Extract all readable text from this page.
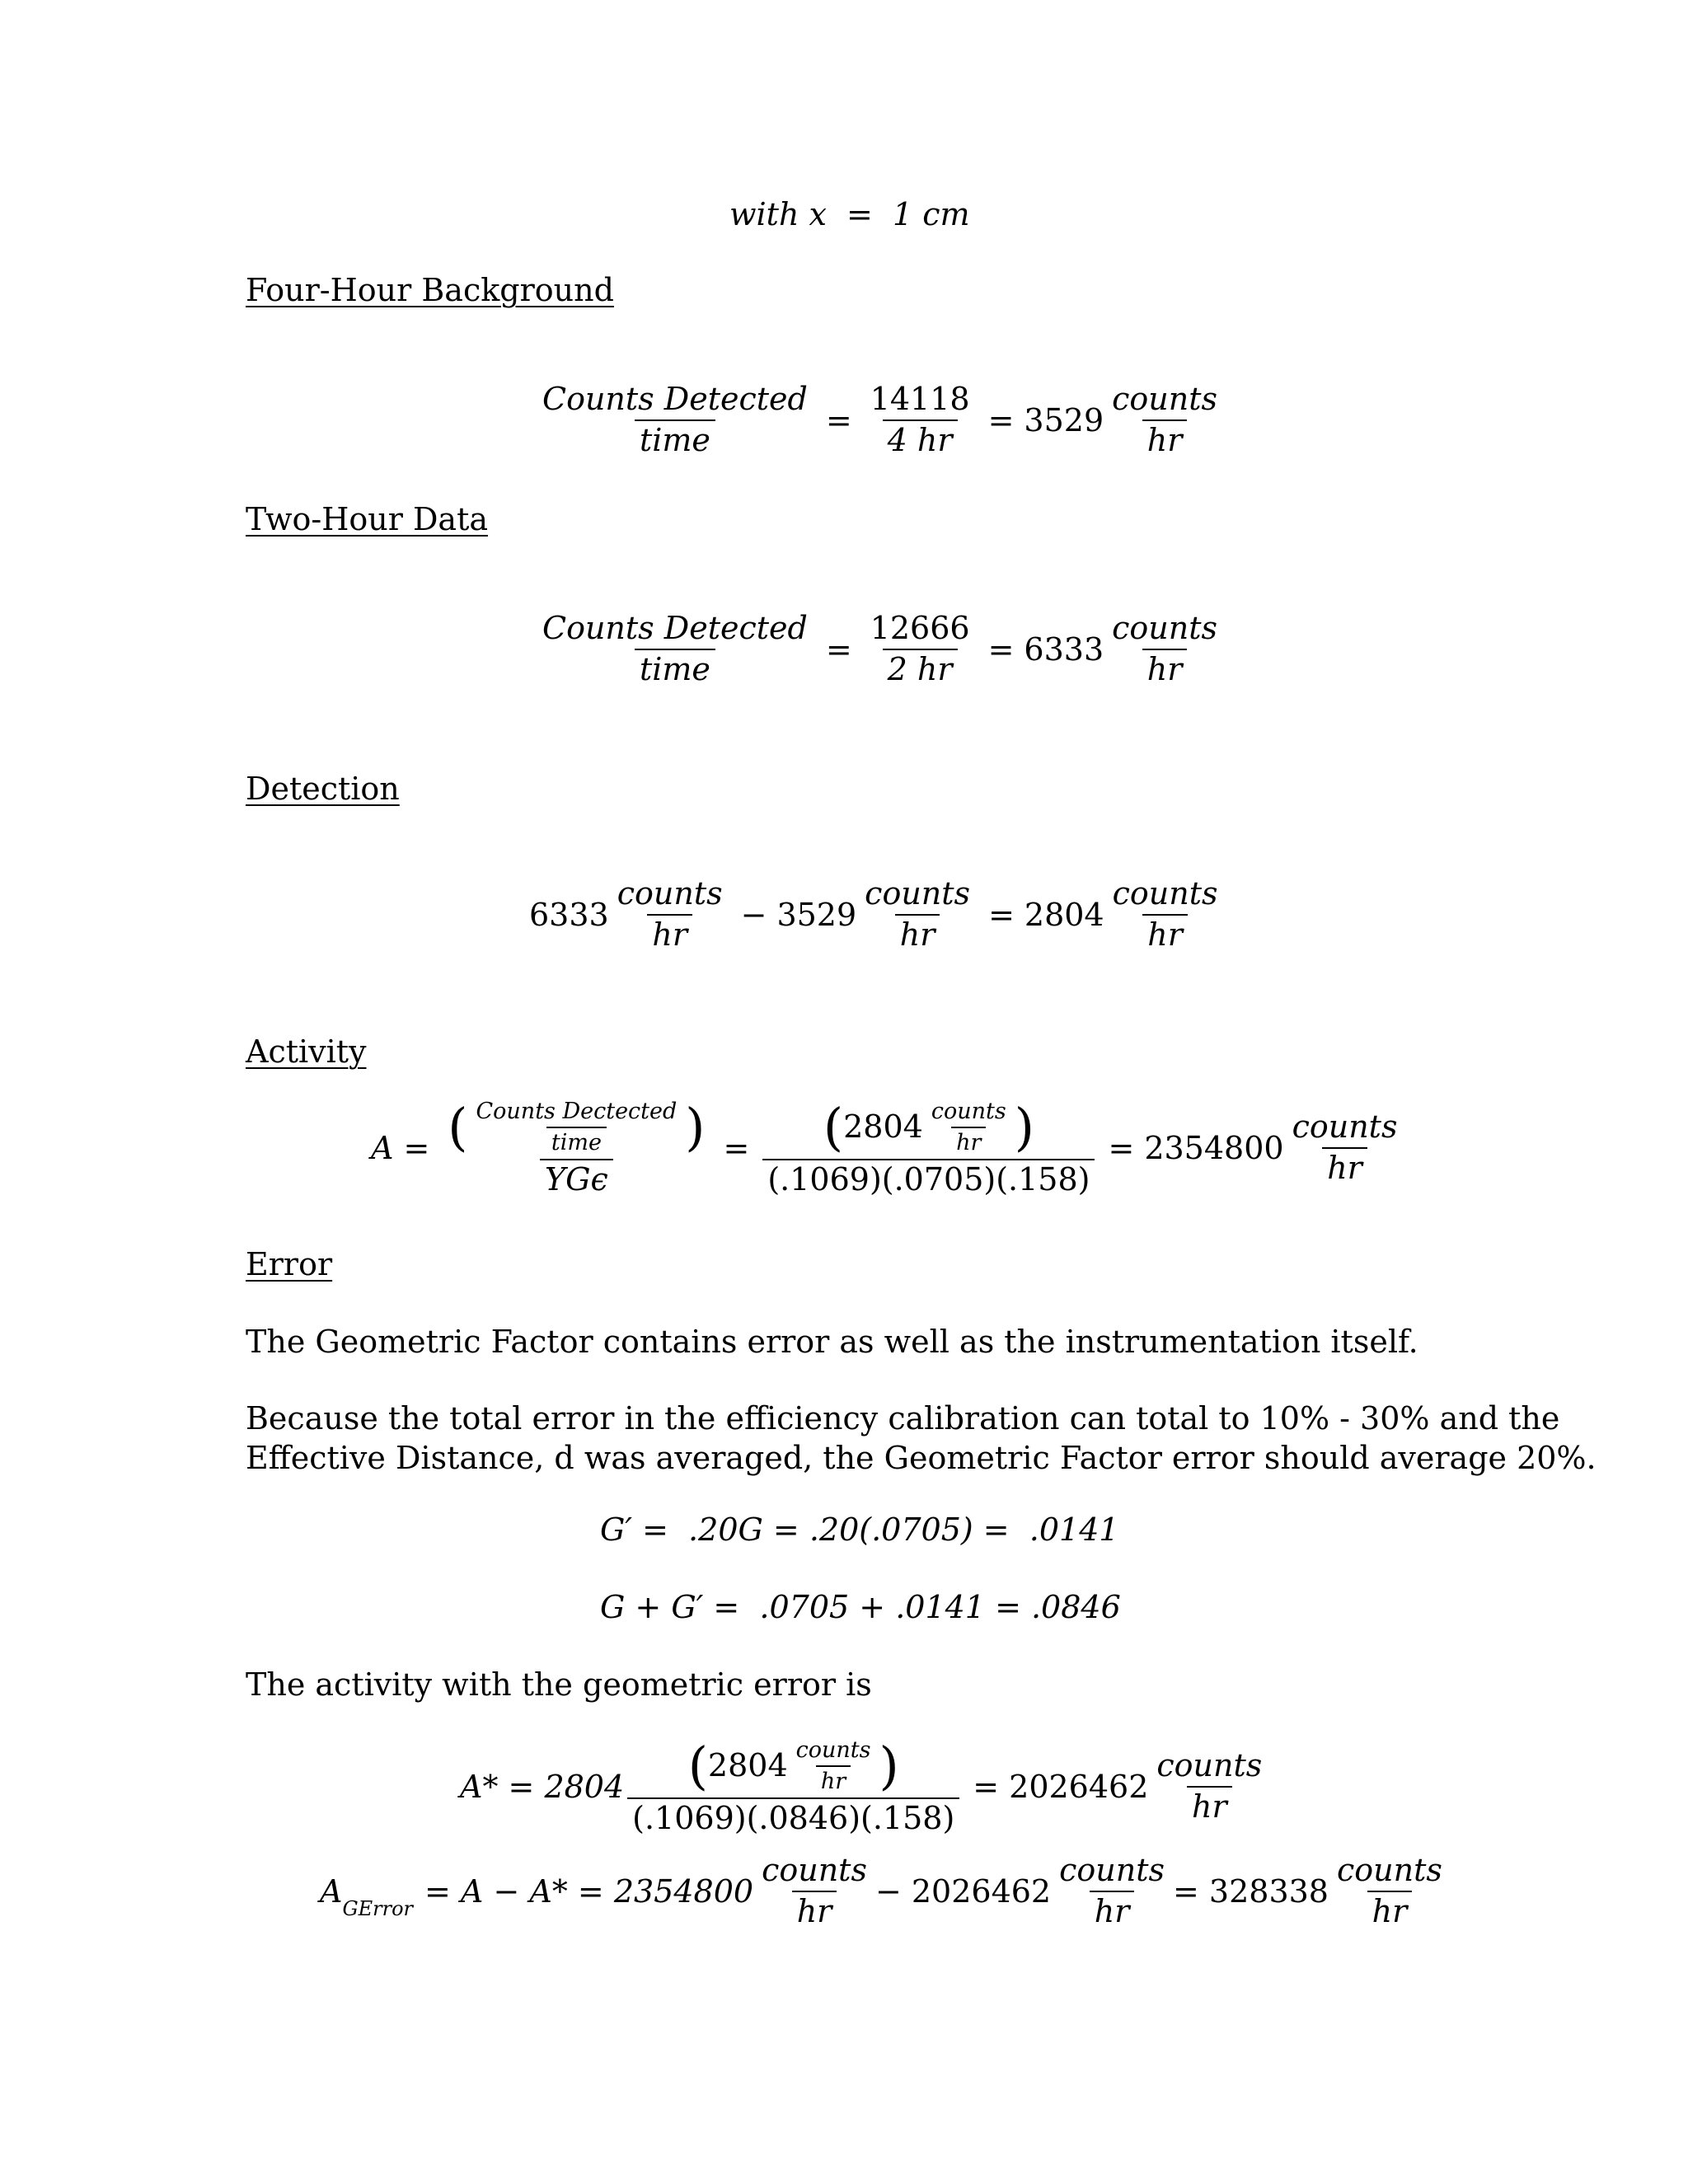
with x = 1 cm
Four-Hour Background
$\frac{\text{Counts Detected}}{\text{time}} = \frac{14118}{4 hr} = 3529 \frac{\text{counts}}{hr}$
Two-Hour Data
$\frac{\text{Counts Detected}}{\text{time}} = \frac{12666}{2 hr} = 6333 \frac{\text{counts}}{hr}$
Detection
$6333 \frac{\text{counts}}{hr} - 3529 \frac{\text{counts}}{hr} = 2804 \frac{\text{counts}}{hr}$
Activity
A = ( $\frac{\text{Counts Dectected}}{\text{time}}$ )
YGϵ
= ( $2804 \frac{\text{counts}}{hr}$ )
(.1069)(.0705)(.158)
= $2354800 \frac{\text{counts}}{hr}$
Error
The Geometric Factor contains error as well as the instrumentation itself.
Because the total error in the efficiency calibration can total to 10% - 30% and the
Effective Distance, d was averaged, the Geometric Factor error should average 20%.
G′ =  .20G = .20(.0705) =  .0141
G + G′ =  .0705 + .0141 = .0846
The activity with the geometric error is
A* = 2804 ( $2804 \frac{\text{counts}}{hr}$ )
(.1069)(.0846)(.158)
= $2026462 \frac{\text{counts}}{hr}$
$A_{GError} = A - A* = 2354800 \frac{\text{counts}}{hr} - 2026462 \frac{\text{counts}}{hr} = 328338 \frac{\text{counts}}{hr}$
